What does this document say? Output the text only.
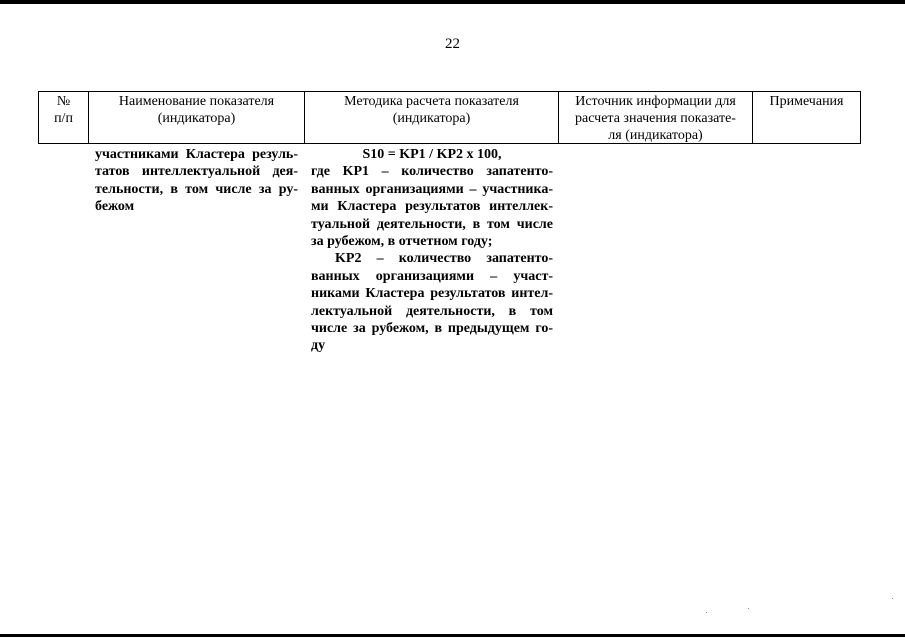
22
№
п/п
Наименование показателя
(индикатора)
Методика расчета показателя
(индикатора)
Источник информации для
расчета значения показате-
ля (индикатора)
Примечания

участниками Кластера резуль-

татов интеллектуальной дея-

тельности, в том числе за ру-

бежом

S10 = KP1 / KP2 x 100,

где KP1 – количество запатенто-

ванных организациями – участника-

ми Кластера результатов интеллек-

туальной деятельности, в том числе

за рубежом, в отчетном году;

KP2 – количество запатенто-

ванных организациями – участ-

никами Кластера результатов интел-

лектуальной деятельности, в том

числе за рубежом, в предыдущем го-

ду
